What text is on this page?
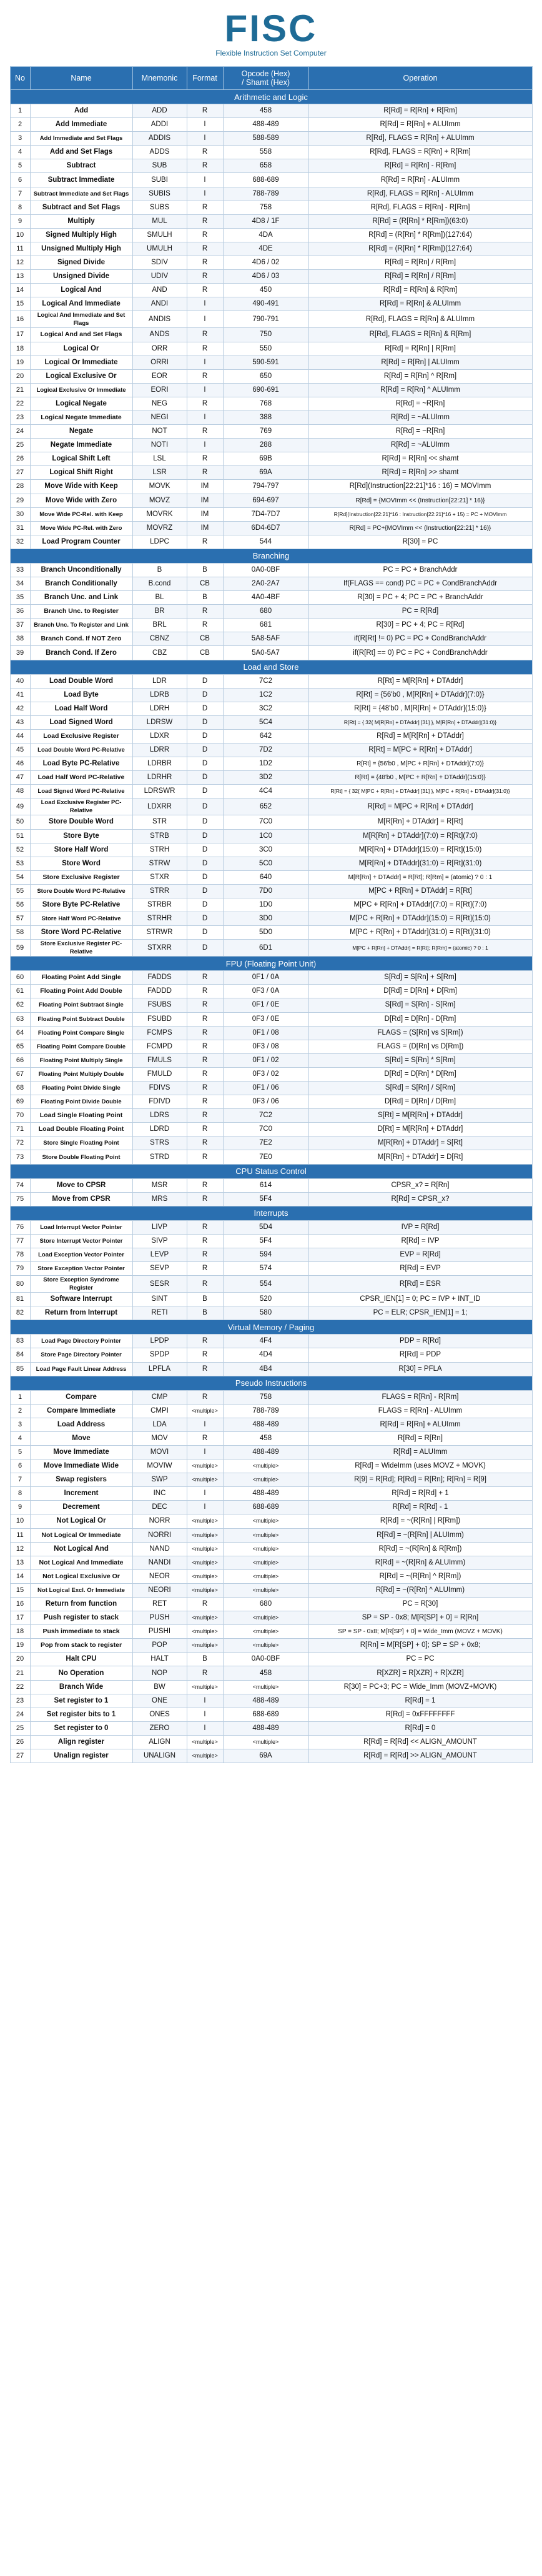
FISC
Flexible Instruction Set Computer
No	Name	Mnemonic	Format	Opcode (Hex)
/ Shamt (Hex)	Operation
Arithmetic and Logic					
1	Add	ADD	R	458	R[Rd] = R[Rn] + R[Rm]
2	Add Immediate	ADDI	I	488-489	R[Rd] = R[Rn] + ALUImm
3	Add Immediate and Set Flags	ADDIS	I	588-589	R[Rd], FLAGS = R[Rn] + ALUImm
4	Add and Set Flags	ADDS	R	558	R[Rd], FLAGS = R[Rn] + R[Rm]
5	Subtract	SUB	R	658	R[Rd] = R[Rn] - R[Rm]
6	Subtract Immediate	SUBI	I	688-689	R[Rd] = R[Rn] - ALUImm
7	Subtract Immediate and Set Flags	SUBIS	I	788-789	R[Rd], FLAGS = R[Rn] - ALUImm
8	Subtract and Set Flags	SUBS	R	758	R[Rd], FLAGS = R[Rn] - R[Rm]
9	Multiply	MUL	R	4D8 / 1F	R[Rd] = (R[Rn] * R[Rm])(63:0)
10	Signed Multiply High	SMULH	R	4DA	R[Rd] = (R[Rn] * R[Rm])(127:64)
11	Unsigned Multiply High	UMULH	R	4DE	R[Rd] = (R[Rn] * R[Rm])(127:64)
12	Signed Divide	SDIV	R	4D6 / 02	R[Rd] = R[Rn] / R[Rm]
13	Unsigned Divide	UDIV	R	4D6 / 03	R[Rd] = R[Rn] / R[Rm]
14	Logical And	AND	R	450	R[Rd] = R[Rn] & R[Rm]
15	Logical And Immediate	ANDI	I	490-491	R[Rd] = R[Rn] & ALUImm
16	Logical And Immediate and Set Flags	ANDIS	I	790-791	R[Rd], FLAGS = R[Rn] & ALUImm
17	Logical And and Set Flags	ANDS	R	750	R[Rd], FLAGS = R[Rn] & R[Rm]
18	Logical Or	ORR	R	550	R[Rd] = R[Rn] | R[Rm]
19	Logical Or Immediate	ORRI	I	590-591	R[Rd] = R[Rn] | ALUImm
20	Logical Exclusive Or	EOR	R	650	R[Rd] = R[Rn] ^ R[Rm]
21	Logical Exclusive Or Immediate	EORI	I	690-691	R[Rd] = R[Rn] ^ ALUImm
22	Logical Negate	NEG	R	768	R[Rd] = ~R[Rn]
23	Logical Negate Immediate	NEGI	I	388	R[Rd] = ~ALUImm
24	Negate	NOT	R	769	R[Rd] = ~R[Rn]
25	Negate Immediate	NOTI	I	288	R[Rd] = ~ALUImm
26	Logical Shift Left	LSL	R	69B	R[Rd] = R[Rn] << shamt
27	Logical Shift Right	LSR	R	69A	R[Rd] = R[Rn] >> shamt
28	Move Wide with Keep	MOVK	IM	794-797	R[Rd](Instruction[22:21]*16 : 16) = MOVImm
29	Move Wide with Zero	MOVZ	IM	694-697	R[Rd] = {MOVImm << (Instruction[22:21] * 16)}
30	Move Wide PC-Rel. with Keep	MOVRK	IM	7D4-7D7	R[Rd](Instruction[22:21]*16 : Instruction[22:21]*16 + 15) = PC + MOVImm
31	Move Wide PC-Rel. with Zero	MOVRZ	IM	6D4-6D7	R[Rd] = PC+{MOVImm << (Instruction[22:21] * 16)}
32	Load Program Counter	LDPC	R	544	R[30] = PC
Branching					
33	Branch Unconditionally	B	B	0A0-0BF	PC = PC + BranchAddr
34	Branch Conditionally	B.cond	CB	2A0-2A7	If(FLAGS == cond) PC = PC + CondBranchAddr
35	Branch Unc. and Link	BL	B	4A0-4BF	R[30] = PC + 4; PC = PC + BranchAddr
36	Branch Unc. to Register	BR	R	680	PC = R[Rd]
37	Branch Unc. To Register and Link	BRL	R	681	R[30] = PC + 4; PC = R[Rd]
38	Branch Cond. If NOT Zero	CBNZ	CB	5A8-5AF	if(R[Rt] != 0) PC = PC + CondBranchAddr
39	Branch Cond. If Zero	CBZ	CB	5A0-5A7	if(R[Rt] == 0) PC = PC + CondBranchAddr
Load and Store					
40	Load Double Word	LDR	D	7C2	R[Rt] = M[R[Rn] + DTAddr]
41	Load Byte	LDRB	D	1C2	R[Rt] = {56'b0 , M[R[Rn] + DTAddr](7:0)}
42	Load Half Word	LDRH	D	3C2	R[Rt] = {48'b0 , M[R[Rn] + DTAddr](15:0)}
43	Load Signed Word	LDRSW	D	5C4	R[Rt] = { 32{ M[R[Rn] + DTAddr] [31] }, M[R[Rn] + DTAddr](31:0)}
44	Load Exclusive Register	LDXR	D	642	R[Rd] = M[R[Rn] + DTAddr]
45	Load Double Word PC-Relative	LDRR	D	7D2	R[Rt] = M[PC + R[Rn] + DTAddr]
46	Load Byte PC-Relative	LDRBR	D	1D2	R[Rt] = {56'b0 , M[PC + R[Rn] + DTAddr](7:0)}
47	Load Half Word PC-Relative	LDRHR	D	3D2	R[Rt] = {48'b0 , M[PC + R[Rn] + DTAddr](15:0)}
48	Load Signed Word PC-Relative	LDRSWR	D	4C4	R[Rt] = { 32{ M[PC + R[Rn] + DTAddr] [31] }, M[PC + R[Rn] + DTAddr](31:0)}
49	Load Exclusive Register PC-Relative	LDXRR	D	652	R[Rd] = M[PC + R[Rn] + DTAddr]
50	Store Double Word	STR	D	7C0	M[R[Rn] + DTAddr] = R[Rt]
51	Store Byte	STRB	D	1C0	M[R[Rn] + DTAddr](7:0) = R[Rt](7:0)
52	Store Half Word	STRH	D	3C0	M[R[Rn] + DTAddr](15:0) = R[Rt](15:0)
53	Store Word	STRW	D	5C0	M[R[Rn] + DTAddr](31:0) = R[Rt](31:0)
54	Store Exclusive Register	STXR	D	640	M[R[Rn] + DTAddr] = R[Rt]; R[Rm] = (atomic) ? 0 : 1
55	Store Double Word PC-Relative	STRR	D	7D0	M[PC + R[Rn] + DTAddr] = R[Rt]
56	Store Byte PC-Relative	STRBR	D	1D0	M[PC + R[Rn] + DTAddr](7:0) = R[Rt](7:0)
57	Store Half Word PC-Relative	STRHR	D	3D0	M[PC + R[Rn] + DTAddr](15:0) = R[Rt](15:0)
58	Store Word PC-Relative	STRWR	D	5D0	M[PC + R[Rn] + DTAddr](31:0) = R[Rt](31:0)
59	Store Exclusive Register PC-Relative	STXRR	D	6D1	M[PC + R[Rn] + DTAddr] = R[Rt]; R[Rm] = (atomic) ? 0 : 1
FPU (Floating Point Unit)					
60	Floating Point Add Single	FADDS	R	0F1 / 0A	S[Rd] = S[Rn] + S[Rm]
61	Floating Point Add Double	FADDD	R	0F3 / 0A	D[Rd] = D[Rn] + D[Rm]
62	Floating Point Subtract Single	FSUBS	R	0F1 / 0E	S[Rd] = S[Rn] - S[Rm]
63	Floating Point Subtract Double	FSUBD	R	0F3 / 0E	D[Rd] = D[Rn] - D[Rm]
64	Floating Point Compare Single	FCMPS	R	0F1 / 08	FLAGS = (S[Rn] vs S[Rm])
65	Floating Point Compare Double	FCMPD	R	0F3 / 08	FLAGS = (D[Rn] vs D[Rm])
66	Floating Point Multiply Single	FMULS	R	0F1 / 02	S[Rd] = S[Rn] * S[Rm]
67	Floating Point Multiply Double	FMULD	R	0F3 / 02	D[Rd] = D[Rn] * D[Rm]
68	Floating Point Divide Single	FDIVS	R	0F1 / 06	S[Rd] = S[Rn] / S[Rm]
69	Floating Point Divide Double	FDIVD	R	0F3 / 06	D[Rd] = D[Rn] / D[Rm]
70	Load Single Floating Point	LDRS	R	7C2	S[Rt] = M[R[Rn] + DTAddr]
71	Load Double Floating Point	LDRD	R	7C0	D[Rt] = M[R[Rn] + DTAddr]
72	Store Single Floating Point	STRS	R	7E2	M[R[Rn] + DTAddr] = S[Rt]
73	Store Double Floating Point	STRD	R	7E0	M[R[Rn] + DTAddr] = D[Rt]
CPU Status Control					
74	Move to CPSR	MSR	R	614	CPSR_x? = R[Rn]
75	Move from CPSR	MRS	R	5F4	R[Rd] = CPSR_x?
Interrupts					
76	Load Interrupt Vector Pointer	LIVP	R	5D4	IVP = R[Rd]
77	Store Interrupt Vector Pointer	SIVP	R	5F4	R[Rd] = IVP
78	Load Exception Vector Pointer	LEVP	R	594	EVP = R[Rd]
79	Store Exception Vector Pointer	SEVP	R	574	R[Rd] = EVP
80	Store Exception Syndrome Register	SESR	R	554	R[Rd] = ESR
81	Software Interrupt	SINT	B	520	CPSR_IEN[1] = 0; PC = IVP + INT_ID
82	Return from Interrupt	RETI	B	580	PC = ELR; CPSR_IEN[1] = 1;
Virtual Memory / Paging					
83	Load Page Directory Pointer	LPDP	R	4F4	PDP = R[Rd]
84	Store Page Directory Pointer	SPDP	R	4D4	R[Rd] = PDP
85	Load Page Fault Linear Address	LPFLA	R	4B4	R[30] = PFLA
Pseudo Instructions					
1	Compare	CMP	R	758	FLAGS = R[Rn] - R[Rm]
2	Compare Immediate	CMPI	<multiple>	788-789	FLAGS = R[Rn] - ALUImm
3	Load Address	LDA	I	488-489	R[Rd] = R[Rn] + ALUImm
4	Move	MOV	R	458	R[Rd] = R[Rn]
5	Move Immediate	MOVI	I	488-489	R[Rd] = ALUImm
6	Move Immediate Wide	MOVIW	<multiple>	<multiple>	R[Rd] = WideImm (uses MOVZ + MOVK)
7	Swap registers	SWP	<multiple>	<multiple>	R[9] = R[Rd]; R[Rd] = R[Rn]; R[Rn] = R[9]
8	Increment	INC	I	488-489	R[Rd] = R[Rd] + 1
9	Decrement	DEC	I	688-689	R[Rd] = R[Rd] - 1
10	Not Logical Or	NORR	<multiple>	<multiple>	R[Rd] = ~(R[Rn] | R[Rm])
11	Not Logical Or Immediate	NORRI	<multiple>	<multiple>	R[Rd] = ~(R[Rn] | ALUImm)
12	Not Logical And	NAND	<multiple>	<multiple>	R[Rd] = ~(R[Rn] & R[Rm])
13	Not Logical And Immediate	NANDI	<multiple>	<multiple>	R[Rd] = ~(R[Rn] & ALUImm)
14	Not Logical Exclusive Or	NEOR	<multiple>	<multiple>	R[Rd] = ~(R[Rn] ^ R[Rm])
15	Not Logical Excl. Or Immediate	NEORI	<multiple>	<multiple>	R[Rd] = ~(R[Rn] ^ ALUImm)
16	Return from function	RET	R	680	PC = R[30]
17	Push register to stack	PUSH	<multiple>	<multiple>	SP = SP - 0x8; M[R[SP] + 0] = R[Rn]
18	Push immediate to stack	PUSHI	<multiple>	<multiple>	SP = SP - 0x8; M[R[SP] + 0] = Wide_Imm (MOVZ + MOVK)
19	Pop from stack to register	POP	<multiple>	<multiple>	R[Rn] = M[R[SP] + 0]; SP = SP + 0x8;
20	Halt CPU	HALT	B	0A0-0BF	PC = PC
21	No Operation	NOP	R	458	R[XZR] = R[XZR] + R[XZR]
22	Branch Wide	BW	<multiple>	<multiple>	R[30] = PC+3; PC = Wide_Imm (MOVZ+MOVK)
23	Set register to 1	ONE	I	488-489	R[Rd] = 1
24	Set register bits to 1	ONES	I	688-689	R[Rd] = 0xFFFFFFFF
25	Set register to 0	ZERO	I	488-489	R[Rd] = 0
26	Align register	ALIGN	<multiple>	<multiple>	R[Rd] = R[Rd] << ALIGN_AMOUNT
27	Unalign register	UNALIGN	<multiple>	69A	R[Rd] = R[Rd] >> ALIGN_AMOUNT
